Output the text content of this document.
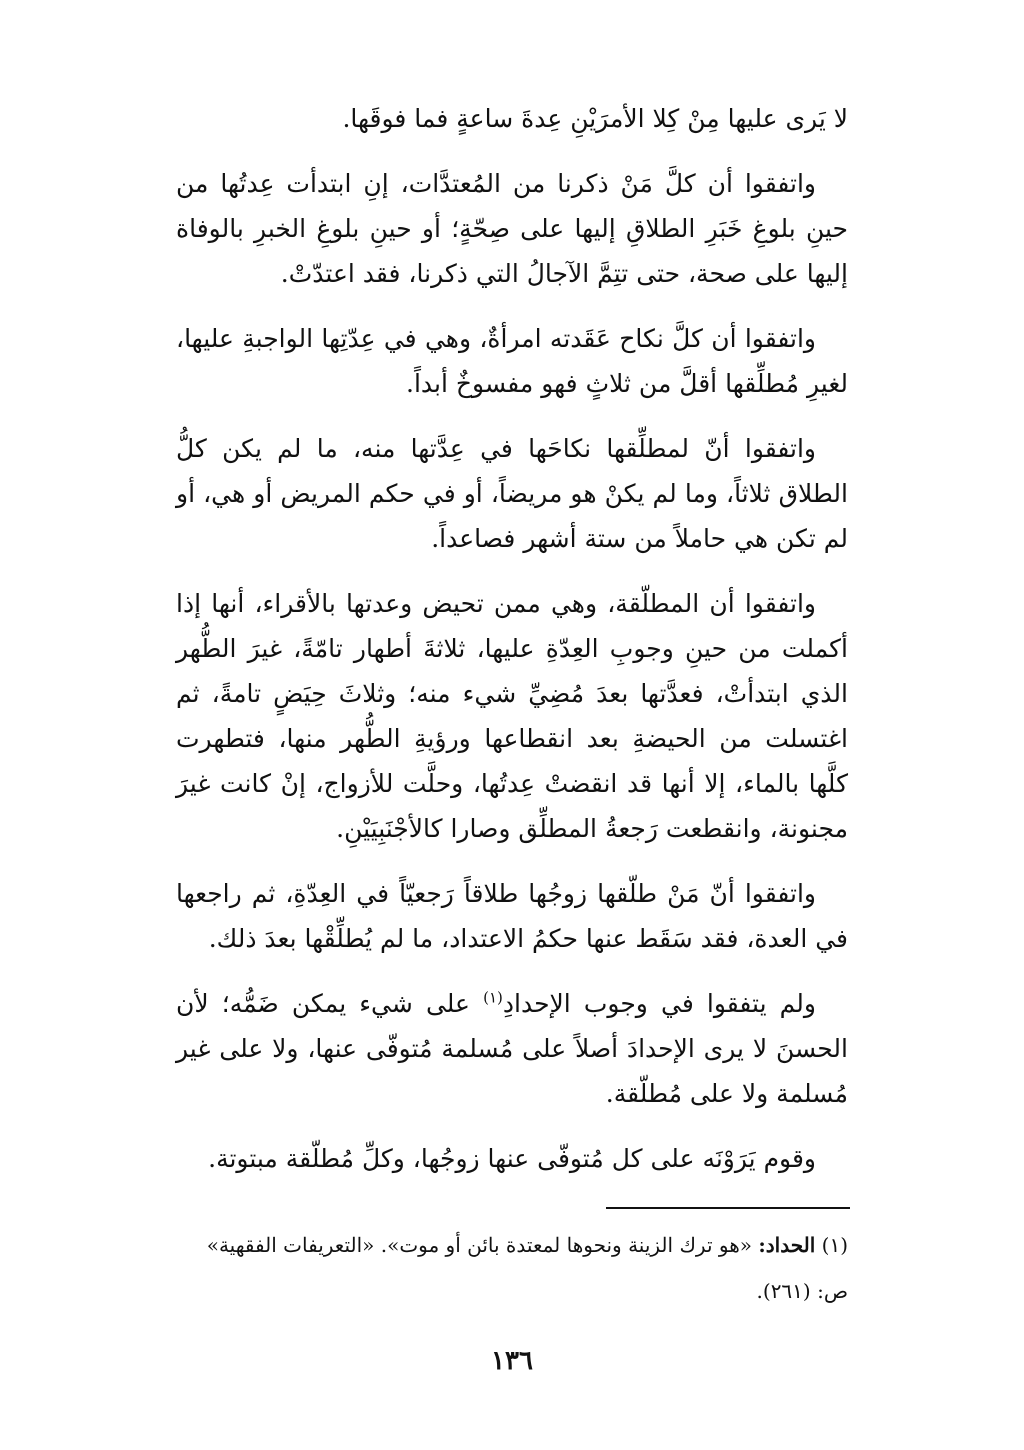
لا يَرى عليها مِنْ كِلا الأمرَيْنِ عِدةَ ساعةٍ فما فوقَها.

واتفقوا أن كلَّ مَنْ ذكرنا من المُعتدَّات، إنِ ابتدأت عِدتُها من حينِ بلوغِ خَبَرِ الطلاقِ إليها على صِحّةٍ؛ أو حينِ بلوغِ الخبرِ بالوفاة إليها على صحة، حتى تتِمَّ الآجالُ التي ذكرنا، فقد اعتدّتْ.

واتفقوا أن كلَّ نكاح عَقَدته امرأةٌ، وهي في عِدّتِها الواجبةِ عليها، لغيرِ مُطلِّقها أقلَّ من ثلاثٍ فهو مفسوخٌ أبداً.

واتفقوا أنّ لمطلِّقها نكاحَها في عِدَّتها منه، ما لم يكن كلُّ الطلاق ثلاثاً، وما لم يكنْ هو مريضاً، أو في حكم المريض أو هي، أو لم تكن هي حاملاً من ستة أشهر فصاعداً.

واتفقوا أن المطلّقة، وهي ممن تحيض وعدتها بالأقراء، أنها إذا أكملت من حينِ وجوبِ العِدّةِ عليها، ثلاثةَ أطهار تامّةً، غيرَ الطُّهر الذي ابتدأتْ، فعدَّتها بعدَ مُضِيِّ شيء منه؛ وثلاثَ حِيَضٍ تامةً، ثم اغتسلت من الحيضةِ بعد انقطاعها ورؤيةِ الطُّهر منها، فتطهرت كلَّها بالماء، إلا أنها قد انقضتْ عِدتُها، وحلَّت للأزواج، إنْ كانت غيرَ مجنونة، وانقطعت رَجعةُ المطلِّق وصارا كالأجْنَبِيَيْنِ.

واتفقوا أنّ مَنْ طلّقها زوجُها طلاقاً رَجعيّاً في العِدّةِ، ثم راجعها في العدة، فقد سَقَط عنها حكمُ الاعتداد، ما لم يُطلِّقْها بعدَ ذلك.

ولم يتفقوا في وجوب الإحدادِ$^{(١)}$ على شيء يمكن ضَمُّه؛ لأن الحسنَ لا يرى الإحدادَ أصلاً على مُسلمة مُتوفّى عنها، ولا على غير مُسلمة ولا على مُطلّقة.

وقوم يَرَوْنَه على كل مُتوفّى عنها زوجُها، وكلِّ مُطلّقة مبتوتة.

(١) الحداد: «هو ترك الزينة ونحوها لمعتدة بائن أو موت». «التعريفات الفقهية» ص: (٢٦١).

١٣٦
